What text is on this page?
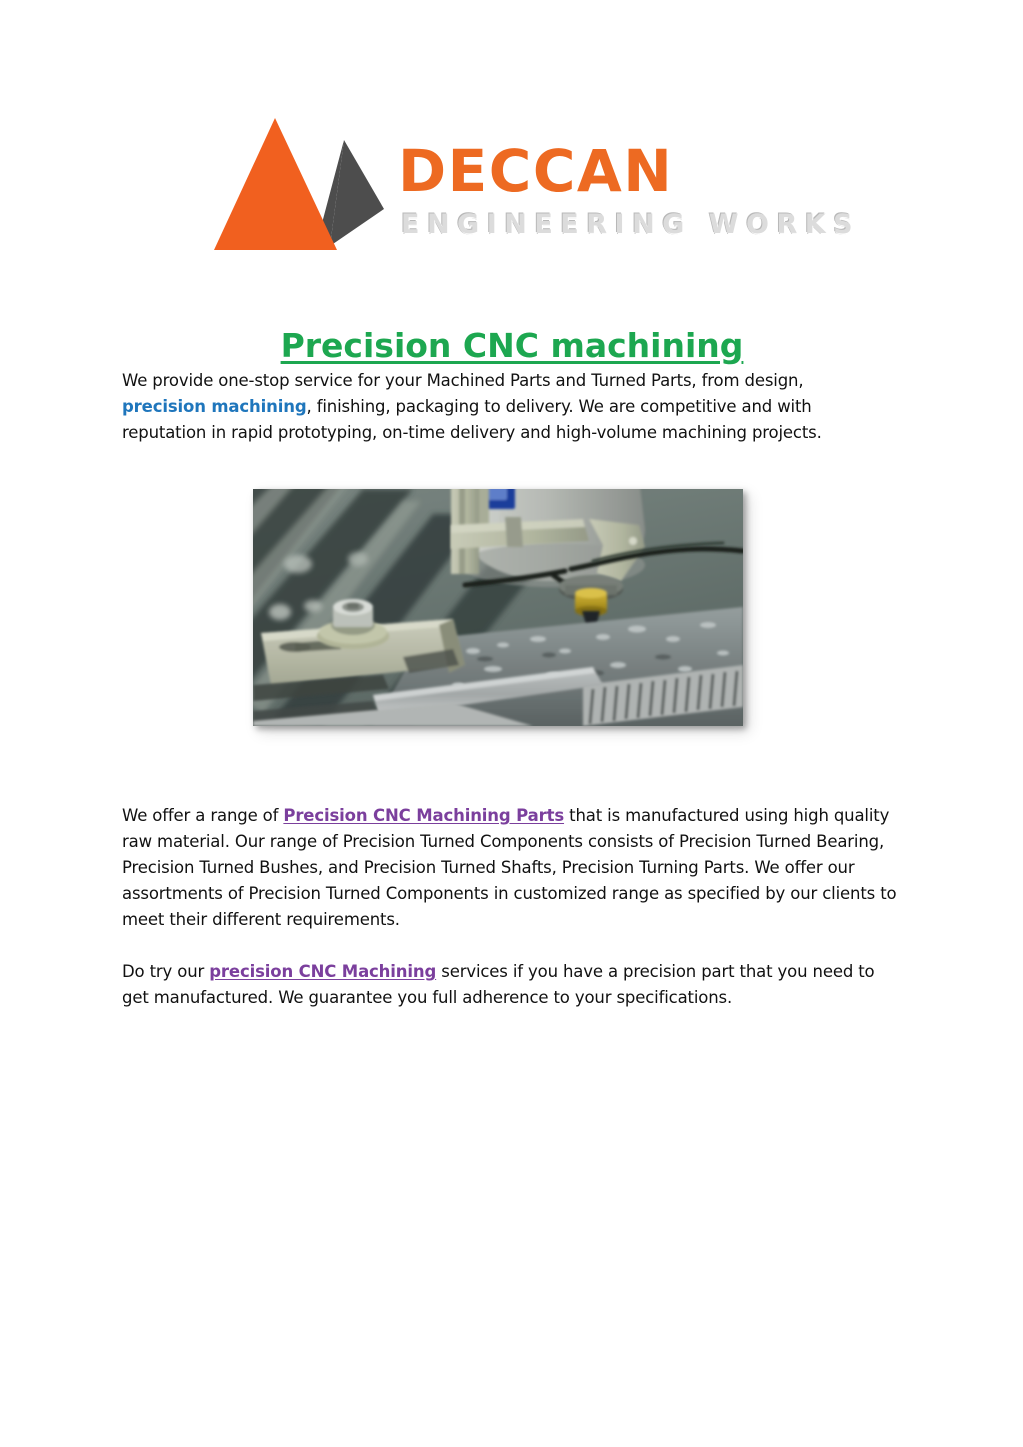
DECCAN
ENGINEERING WORKS
Precision CNC machining

We provide one-stop service for your Machined Parts and Turned Parts, from design, precision machining, finishing, packaging to delivery. We are competitive and with reputation in rapid prototyping, on-time delivery and high-volume machining projects.

We offer a range of Precision CNC Machining Parts that is manufactured using high quality raw material. Our range of Precision Turned Components consists of Precision Turned Bearing, Precision Turned Bushes, and Precision Turned Shafts, Precision Turning Parts. We offer our assortments of Precision Turned Components in customized range as specified by our clients to meet their different requirements.

Do try our precision CNC Machining services if you have a precision part that you need to get manufactured. We guarantee you full adherence to your specifications.
